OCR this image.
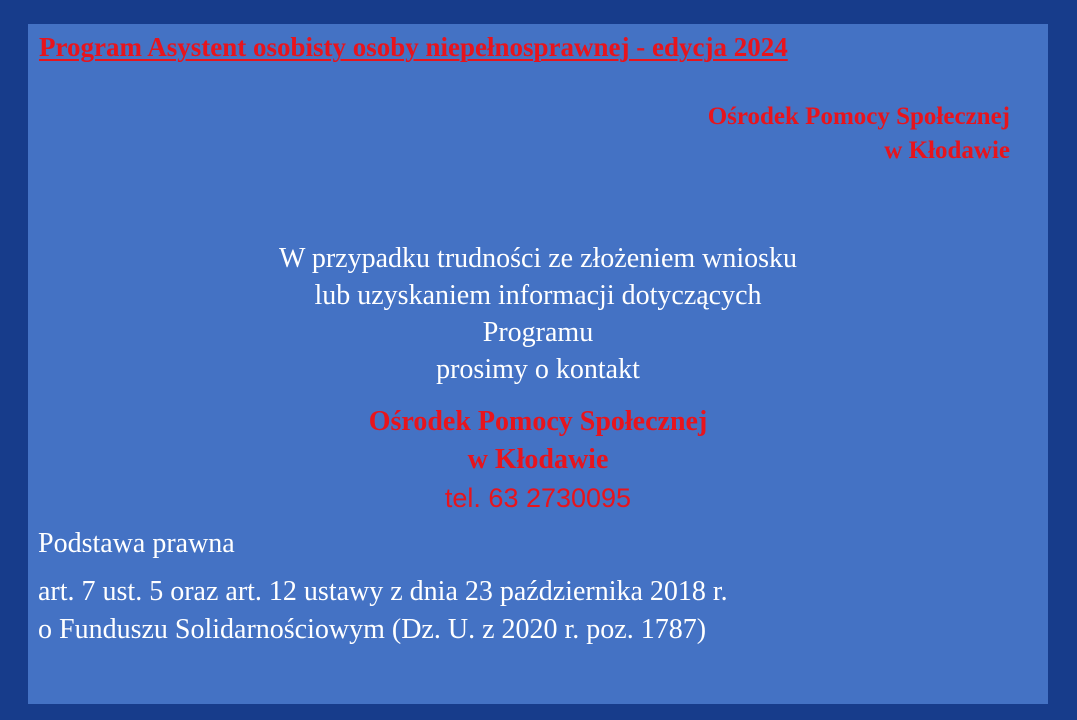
Program Asystent osobisty osoby niepełnosprawnej - edycja 2024
Ośrodek Pomocy Społecznej
w Kłodawie
W przypadku trudności ze złożeniem wniosku
lub uzyskaniem informacji dotyczących
Programu
prosimy o kontakt
Ośrodek Pomocy Społecznej
w Kłodawie
tel. 63 2730095
Podstawa prawna
art. 7 ust. 5 oraz art. 12 ustawy z dnia 23 października 2018 r.
o Funduszu Solidarnościowym (Dz. U. z 2020 r. poz. 1787)
